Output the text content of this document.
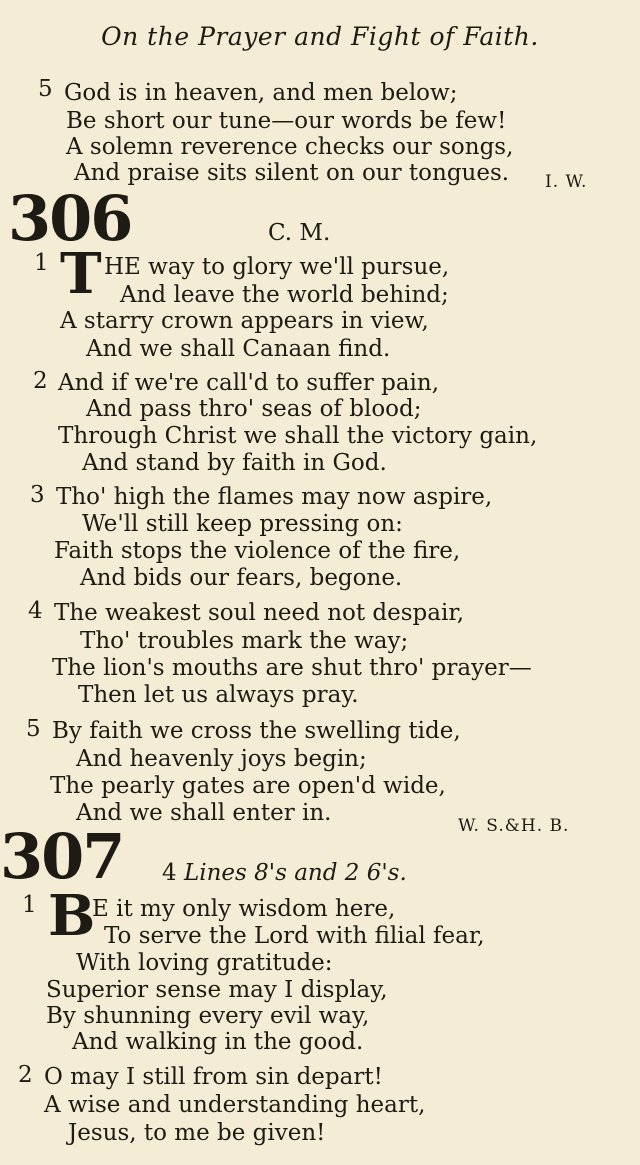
On the Prayer and Fight of Faith.
5 God is in heaven, and men below;
Be short our tune—our words be few!
A solemn reverence checks our songs,
And praise sits silent on our tongues. I. W.
306	C. M.
1 T HE way to glory we'll pursue,
And leave the world behind;
A starry crown appears in view,
And we shall Canaan find.
2 And if we're call'd to suffer pain,
And pass thro' seas of blood;
Through Christ we shall the victory gain,
And stand by faith in God.
3 Tho' high the flames may now aspire,
We'll still keep pressing on:
Faith stops the violence of the fire,
And bids our fears, begone.
4 The weakest soul need not despair,
Tho' troubles mark the way;
The lion's mouths are shut thro' prayer—
Then let us always pray.
5 By faith we cross the swelling tide,
And heavenly joys begin;
The pearly gates are open'd wide,
And we shall enter in.	W. S.&H. B.
307 4 Lines 8's and 2 6's.
1 B
E it my only wisdom here,
To serve the Lord with filial fear,
With loving gratitude:
Superior sense may I display,
By shunning every evil way,
And walking in the good.
2 O may I still from sin depart!
A wise and understanding heart,
Jesus, to me be given!
